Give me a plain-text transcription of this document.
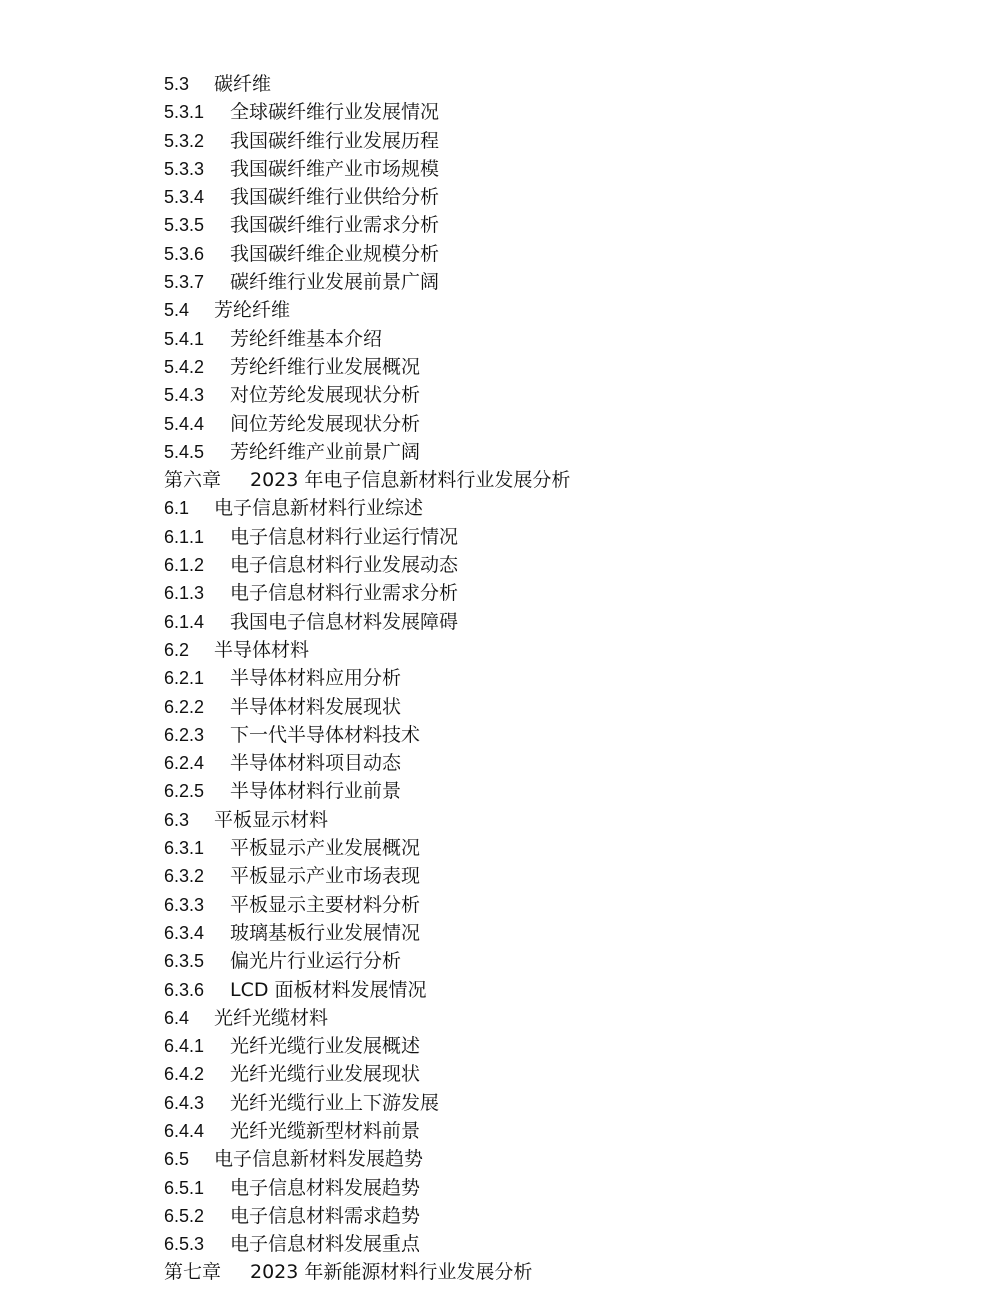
5.3	碳纤维
5.3.1	全球碳纤维行业发展情况
5.3.2	我国碳纤维行业发展历程
5.3.3	我国碳纤维产业市场规模
5.3.4	我国碳纤维行业供给分析
5.3.5	我国碳纤维行业需求分析
5.3.6	我国碳纤维企业规模分析
5.3.7	碳纤维行业发展前景广阔
5.4	芳纶纤维
5.4.1	芳纶纤维基本介绍
5.4.2	芳纶纤维行业发展概况
5.4.3	对位芳纶发展现状分析
5.4.4	间位芳纶发展现状分析
5.4.5	芳纶纤维产业前景广阔
第六章	2023 年电子信息新材料行业发展分析
6.1	电子信息新材料行业综述
6.1.1	电子信息材料行业运行情况
6.1.2	电子信息材料行业发展动态
6.1.3	电子信息材料行业需求分析
6.1.4	我国电子信息材料发展障碍
6.2	半导体材料
6.2.1	半导体材料应用分析
6.2.2	半导体材料发展现状
6.2.3	下一代半导体材料技术
6.2.4	半导体材料项目动态
6.2.5	半导体材料行业前景
6.3	平板显示材料
6.3.1	平板显示产业发展概况
6.3.2	平板显示产业市场表现
6.3.3	平板显示主要材料分析
6.3.4	玻璃基板行业发展情况
6.3.5	偏光片行业运行分析
6.3.6	LCD 面板材料发展情况
6.4	光纤光缆材料
6.4.1	光纤光缆行业发展概述
6.4.2	光纤光缆行业发展现状
6.4.3	光纤光缆行业上下游发展
6.4.4	光纤光缆新型材料前景
6.5	电子信息新材料发展趋势
6.5.1	电子信息材料发展趋势
6.5.2	电子信息材料需求趋势
6.5.3	电子信息材料发展重点
第七章	2023 年新能源材料行业发展分析
